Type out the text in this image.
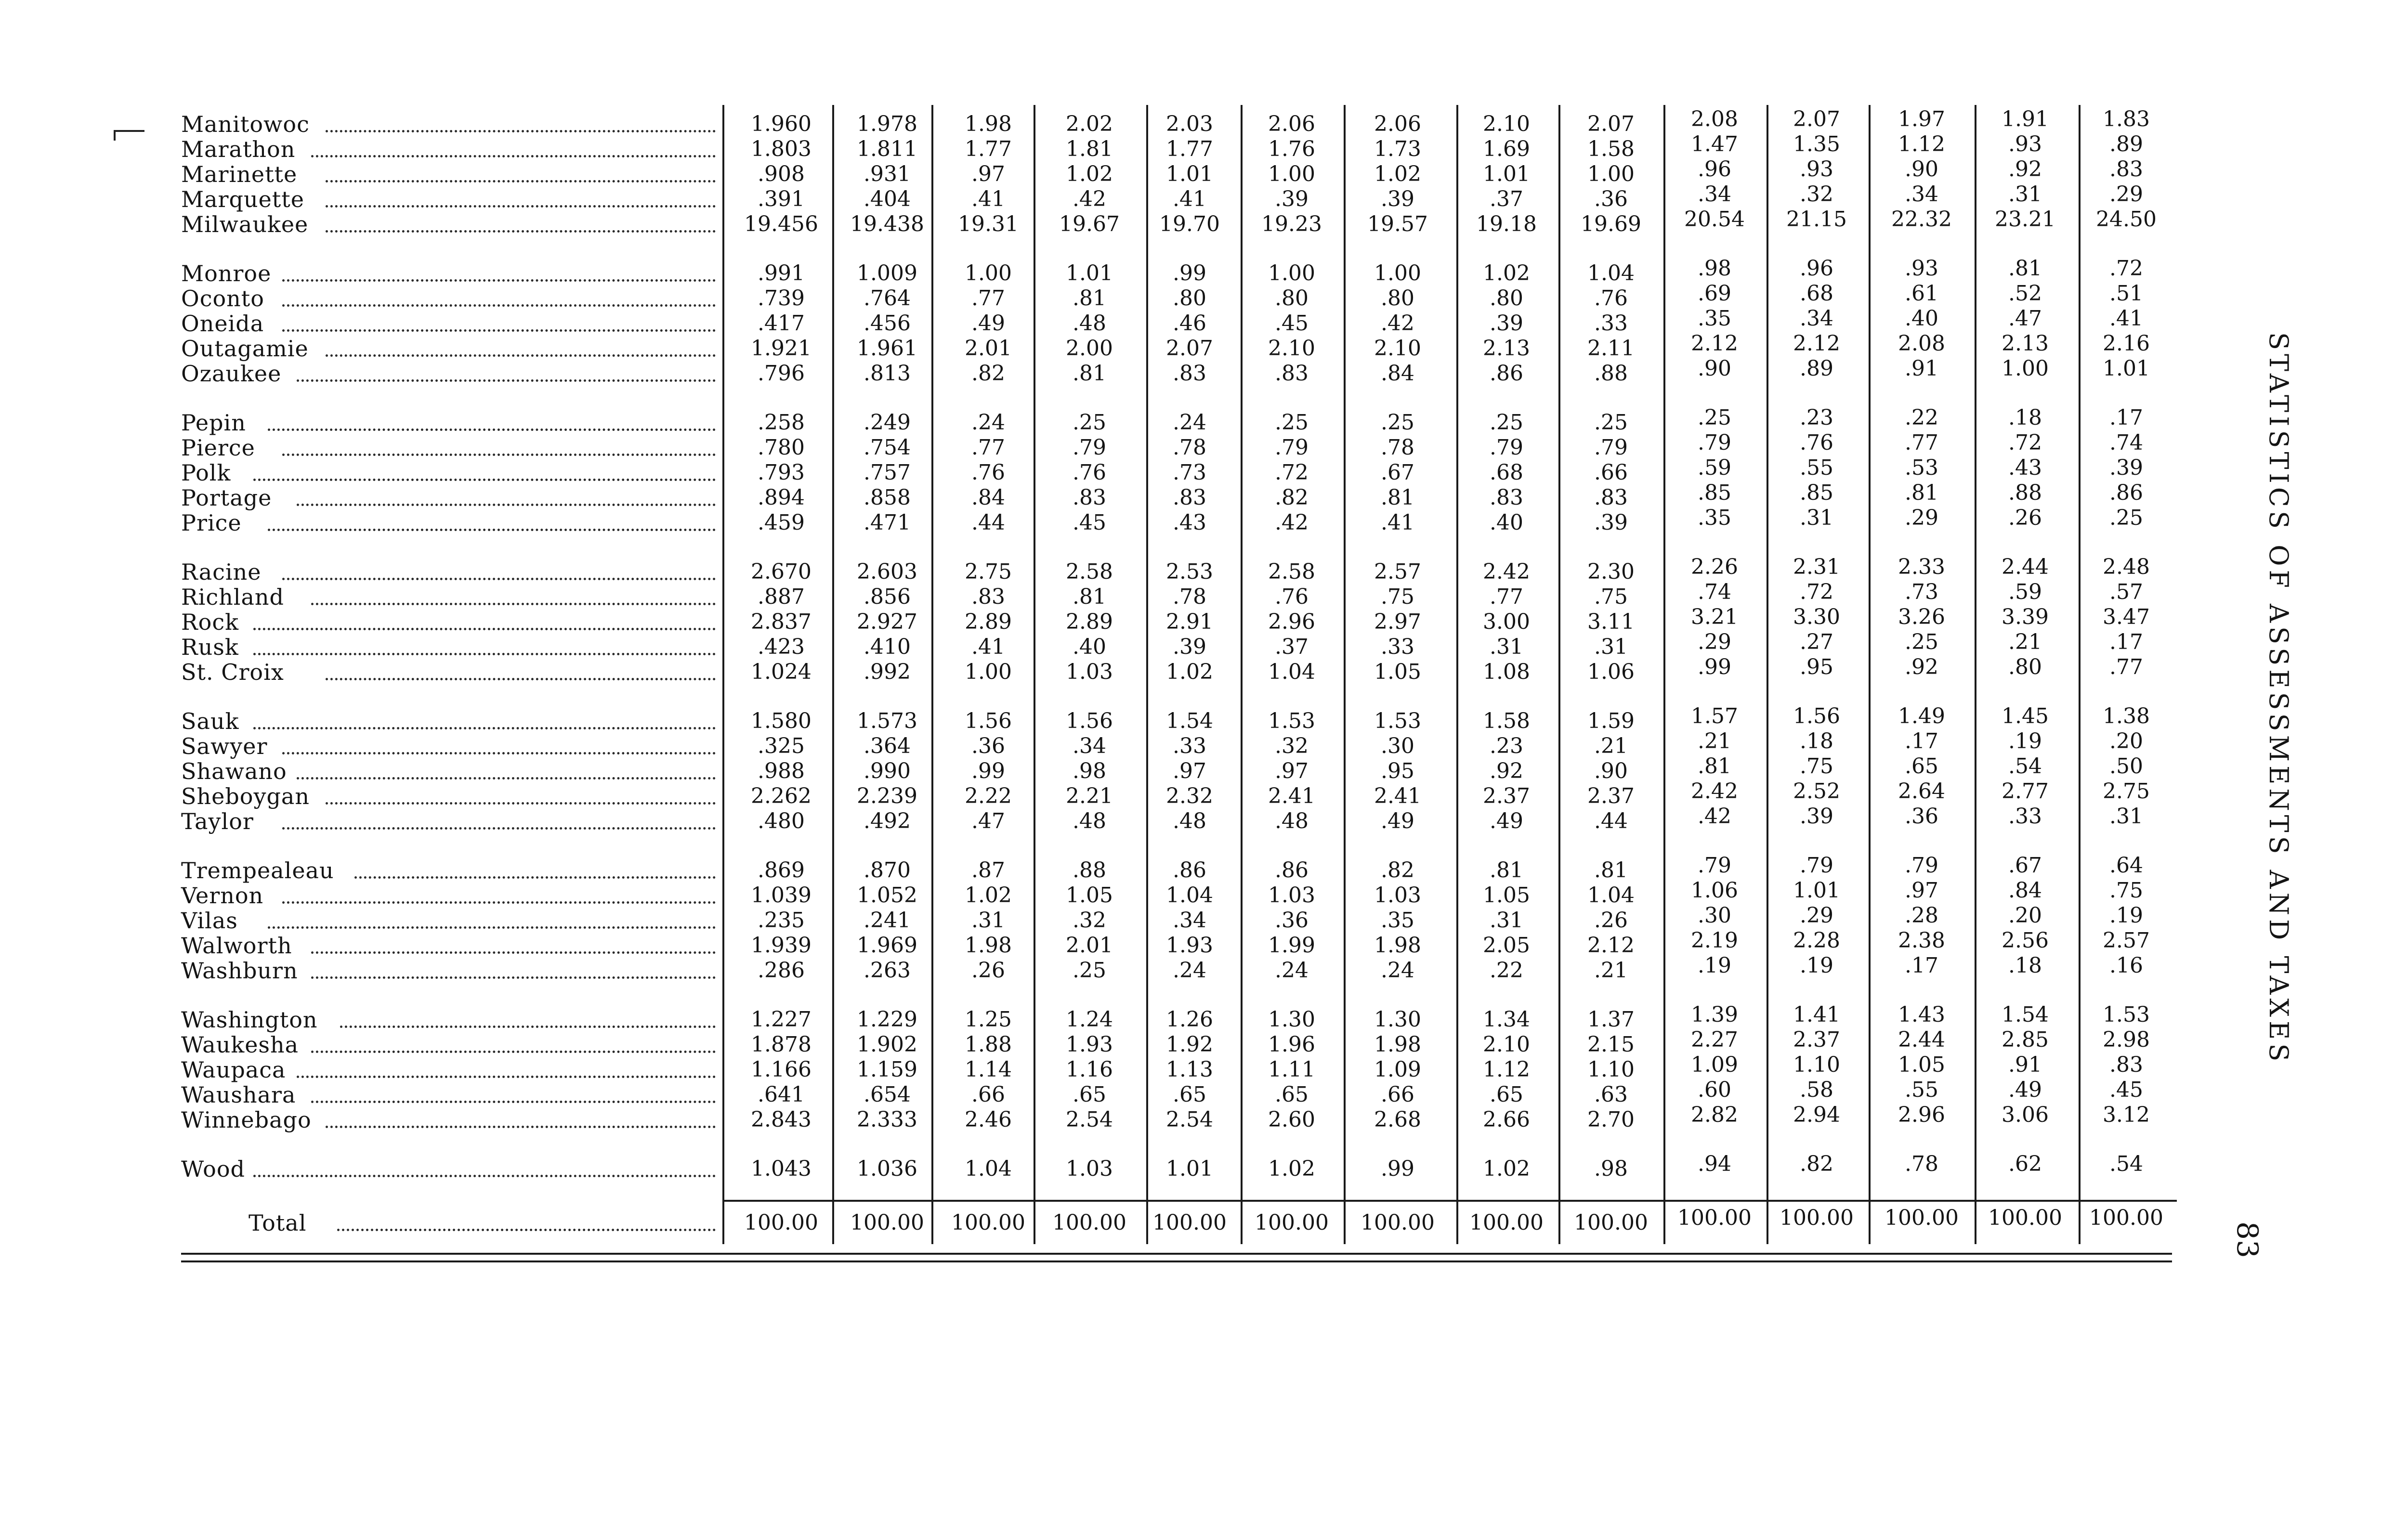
STATISTICS OF ASSESSMENTS AND TAXES
83
Manitowoc	1.960	1.978	1.98	2.02	2.03	2.06	2.06	2.10	2.07	2.08	2.07	1.97	1.91	1.83
Marathon	1.803	1.811	1.77	1.81	1.77	1.76	1.73	1.69	1.58	1.47	1.35	1.12	.93	.89
Marinette	.908	.931	.97	1.02	1.01	1.00	1.02	1.01	1.00	.96	.93	.90	.92	.83
Marquette	.391	.404	.41	.42	.41	.39	.39	.37	.36	.34	.32	.34	.31	.29
Milwaukee	19.456	19.438	19.31	19.67	19.70	19.23	19.57	19.18	19.69	20.54	21.15	22.32	23.21	24.50
Monroe	.991	1.009	1.00	1.01	.99	1.00	1.00	1.02	1.04	.98	.96	.93	.81	.72
Oconto	.739	.764	.77	.81	.80	.80	.80	.80	.76	.69	.68	.61	.52	.51
Oneida	.417	.456	.49	.48	.46	.45	.42	.39	.33	.35	.34	.40	.47	.41
Outagamie	1.921	1.961	2.01	2.00	2.07	2.10	2.10	2.13	2.11	2.12	2.12	2.08	2.13	2.16
Ozaukee	.796	.813	.82	.81	.83	.83	.84	.86	.88	.90	.89	.91	1.00	1.01
Pepin	.258	.249	.24	.25	.24	.25	.25	.25	.25	.25	.23	.22	.18	.17
Pierce	.780	.754	.77	.79	.78	.79	.78	.79	.79	.79	.76	.77	.72	.74
Polk	.793	.757	.76	.76	.73	.72	.67	.68	.66	.59	.55	.53	.43	.39
Portage	.894	.858	.84	.83	.83	.82	.81	.83	.83	.85	.85	.81	.88	.86
Price	.459	.471	.44	.45	.43	.42	.41	.40	.39	.35	.31	.29	.26	.25
Racine	2.670	2.603	2.75	2.58	2.53	2.58	2.57	2.42	2.30	2.26	2.31	2.33	2.44	2.48
Richland	.887	.856	.83	.81	.78	.76	.75	.77	.75	.74	.72	.73	.59	.57
Rock	2.837	2.927	2.89	2.89	2.91	2.96	2.97	3.00	3.11	3.21	3.30	3.26	3.39	3.47
Rusk	.423	.410	.41	.40	.39	.37	.33	.31	.31	.29	.27	.25	.21	.17
St. Croix	1.024	.992	1.00	1.03	1.02	1.04	1.05	1.08	1.06	.99	.95	.92	.80	.77
Sauk	1.580	1.573	1.56	1.56	1.54	1.53	1.53	1.58	1.59	1.57	1.56	1.49	1.45	1.38
Sawyer	.325	.364	.36	.34	.33	.32	.30	.23	.21	.21	.18	.17	.19	.20
Shawano	.988	.990	.99	.98	.97	.97	.95	.92	.90	.81	.75	.65	.54	.50
Sheboygan	2.262	2.239	2.22	2.21	2.32	2.41	2.41	2.37	2.37	2.42	2.52	2.64	2.77	2.75
Taylor	.480	.492	.47	.48	.48	.48	.49	.49	.44	.42	.39	.36	.33	.31
Trempealeau	.869	.870	.87	.88	.86	.86	.82	.81	.81	.79	.79	.79	.67	.64
Vernon	1.039	1.052	1.02	1.05	1.04	1.03	1.03	1.05	1.04	1.06	1.01	.97	.84	.75
Vilas	.235	.241	.31	.32	.34	.36	.35	.31	.26	.30	.29	.28	.20	.19
Walworth	1.939	1.969	1.98	2.01	1.93	1.99	1.98	2.05	2.12	2.19	2.28	2.38	2.56	2.57
Washburn	.286	.263	.26	.25	.24	.24	.24	.22	.21	.19	.19	.17	.18	.16
Washington	1.227	1.229	1.25	1.24	1.26	1.30	1.30	1.34	1.37	1.39	1.41	1.43	1.54	1.53
Waukesha	1.878	1.902	1.88	1.93	1.92	1.96	1.98	2.10	2.15	2.27	2.37	2.44	2.85	2.98
Waupaca	1.166	1.159	1.14	1.16	1.13	1.11	1.09	1.12	1.10	1.09	1.10	1.05	.91	.83
Waushara	.641	.654	.66	.65	.65	.65	.66	.65	.63	.60	.58	.55	.49	.45
Winnebago	2.843	2.333	2.46	2.54	2.54	2.60	2.68	2.66	2.70	2.82	2.94	2.96	3.06	3.12
Wood	1.043	1.036	1.04	1.03	1.01	1.02	.99	1.02	.98	.94	.82	.78	.62	.54
Total	100.00	100.00	100.00	100.00	100.00	100.00	100.00	100.00	100.00	100.00	100.00	100.00	100.00	100.00
